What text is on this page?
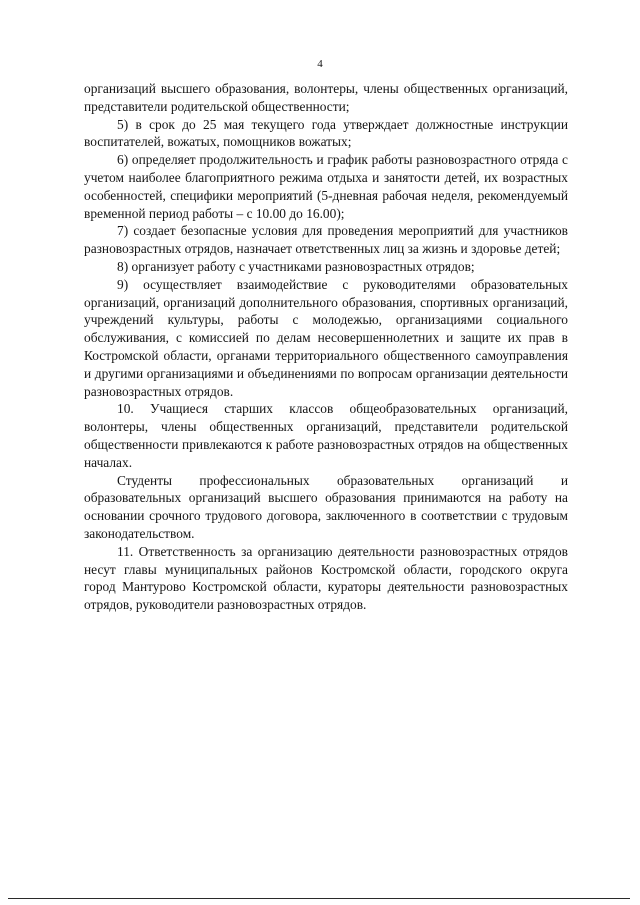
4

организаций высшего образования, волонтеры, члены общественных организаций, представители родительской общественности;

5) в срок до 25 мая текущего года утверждает должностные инструкции воспитателей, вожатых, помощников вожатых;

6) определяет продолжительность и график работы разновозрастного отряда с учетом наиболее благоприятного режима отдыха и занятости детей, их возрастных особенностей, специфики мероприятий (5-дневная рабочая неделя, рекомендуемый временной период работы – с 10.00 до 16.00);

7) создает безопасные условия для проведения мероприятий для участников разновозрастных отрядов, назначает ответственных лиц за жизнь и здоровье детей;

8) организует работу с участниками разновозрастных отрядов;

9) осуществляет взаимодействие с руководителями образовательных организаций, организаций дополнительного образования, спортивных организаций, учреждений культуры, работы с молодежью, организациями социального обслуживания, с комиссией по делам несовершеннолетних и защите их прав в Костромской области, органами территориального общественного самоуправления и другими организациями и объединениями по вопросам организации деятельности разновозрастных отрядов.

10. Учащиеся старших классов общеобразовательных организаций, волонтеры, члены общественных организаций, представители родительской общественности привлекаются к работе разновозрастных отрядов на общественных началах.

Студенты профессиональных образовательных организаций и образовательных организаций высшего образования принимаются на работу на основании срочного трудового договора, заключенного в соответствии с трудовым законодательством.

11. Ответственность за организацию деятельности разновозрастных отрядов несут главы муниципальных районов Костромской области, городского округа город Мантурово Костромской области, кураторы деятельности разновозрастных отрядов, руководители разновозрастных отрядов.
